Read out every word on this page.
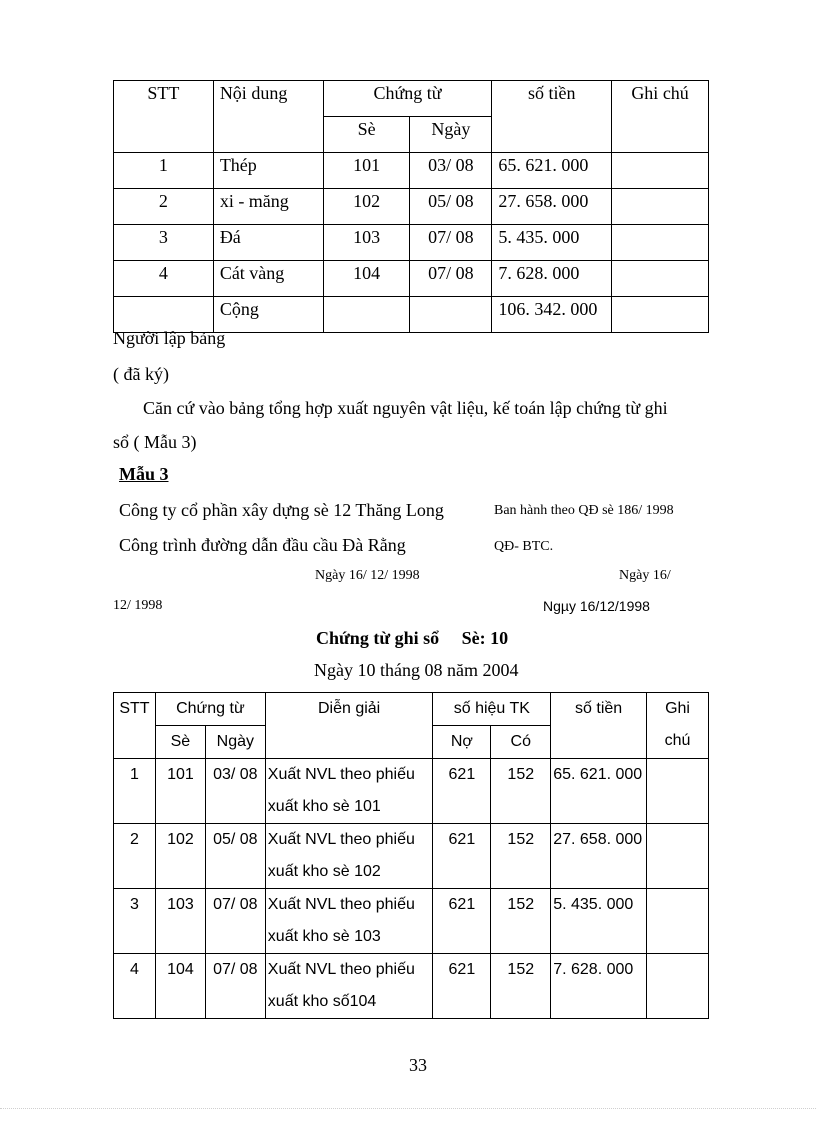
STT	Nội dung	Chứng từ		số tiền	Ghi chú
		Sè	Ngày		
1	Thép	101	03/ 08	65. 621. 000	
2	xi - măng	102	05/ 08	27. 658. 000	
3	Đá	103	07/ 08	5. 435. 000	
4	Cát vàng	104	07/ 08	7. 628. 000	
	Cộng			106. 342. 000	
Người lập bảng
( đã ký)
Căn cứ vào bảng tổng hợp xuất nguyên vật liệu, kế toán lập chứng từ ghi
sổ ( Mẫu 3)
Mẫu 3
Công ty cổ phần xây dựng sè 12 Thăng Long	Ban hành theo QĐ sè 186/ 1998
Công trình đường dẫn đầu cầu Đà Rằng	QĐ- BTC.
Ngày 16/ 12/ 1998	Ngày 16/
12/ 1998	Ngµy 16/12/1998
Chứng từ ghi sổ     Sè: 10
Ngày 10 tháng 08 năm 2004
STT	Chứng từ		Diễn giải	số hiệu TK		số tiền	Ghi
chú

	Sè	Ngày		Nợ	Có		
1	101	03/ 08	Xuất NVL theo phiếu
xuất kho sè 101	621	152	65. 621. 000	
2	102	05/ 08	Xuất NVL theo phiếu
xuất kho sè 102	621	152	27. 658. 000	
3	103	07/ 08	Xuất NVL theo phiếu
xuất kho sè 103	621	152	5. 435. 000	
4	104	07/ 08	Xuất NVL theo phiếu
xuất kho số104	621	152	7. 628. 000	
33
